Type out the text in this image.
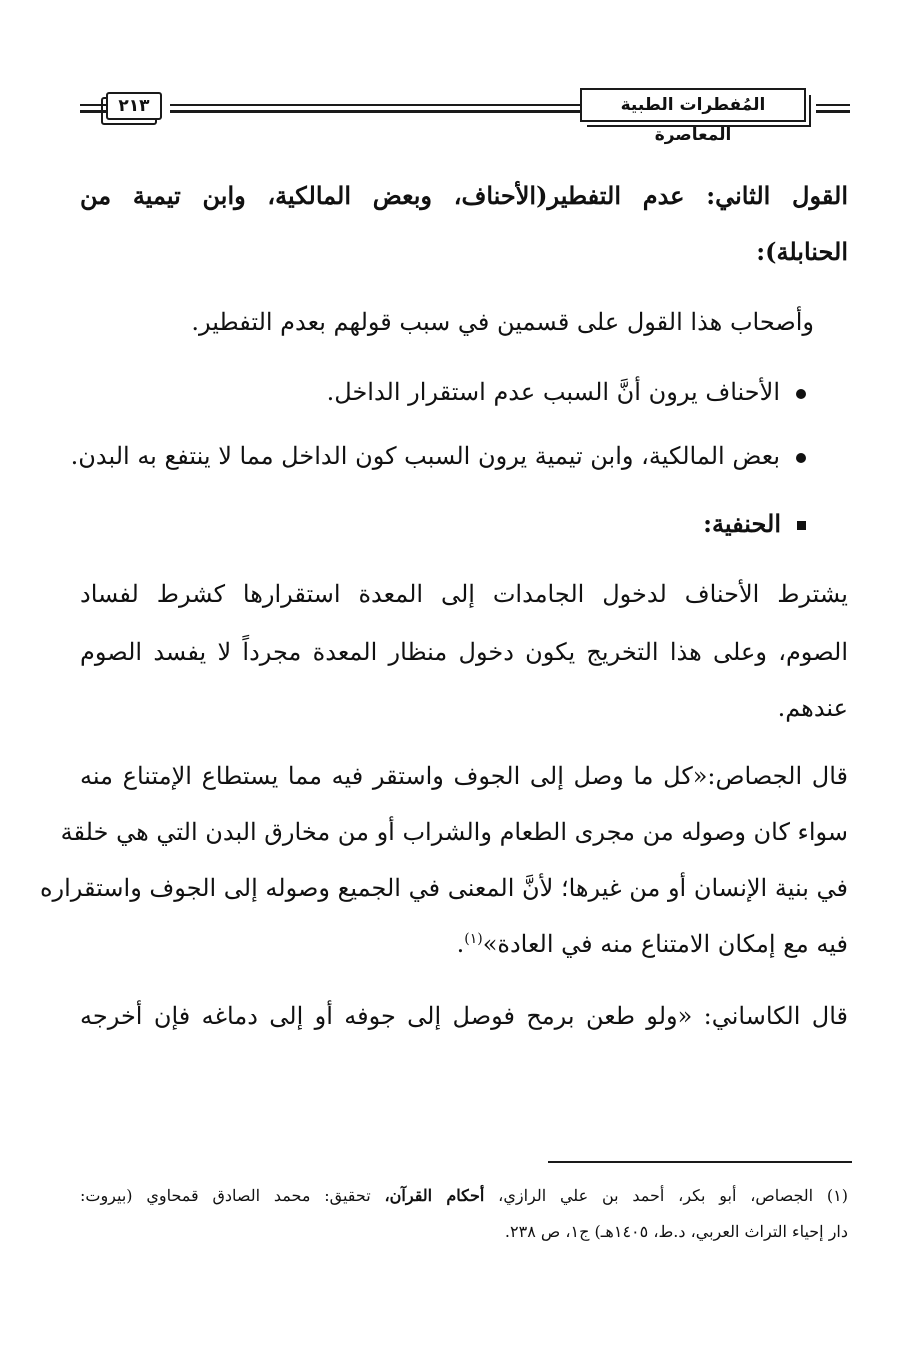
٢١٣	المُفطرات الطبية المعاصرة
القول الثاني: عدم التفطير(الأحناف، وبعض المالكية، وابن تيمية من
الحنابلة):
وأصحاب هذا القول على قسمين في سبب قولهم بعدم التفطير.
الأحناف يرون أنَّ السبب عدم استقرار الداخل.
بعض المالكية، وابن تيمية يرون السبب كون الداخل مما لا ينتفع به البدن.
الحنفية:
يشترط الأحناف لدخول الجامدات إلى المعدة استقرارها كشرط لفساد
الصوم، وعلى هذا التخريج يكون دخول منظار المعدة مجرداً لا يفسد الصوم
عندهم.
قال الجصاص:«كل ما وصل إلى الجوف واستقر فيه مما يستطاع الإمتناع منه
سواء كان وصوله من مجرى الطعام والشراب أو من مخارق البدن التي هي خلقة
في بنية الإنسان أو من غيرها؛ لأنَّ المعنى في الجميع وصوله إلى الجوف واستقراره
فيه مع إمكان الامتناع منه في العادة»$^{(١)}$.
قال الكاساني: «ولو طعن برمح فوصل إلى جوفه أو إلى دماغه فإن أخرجه
(١) الجصاص، أبو بكر، أحمد بن علي الرازي، أحكام القرآن، تحقيق: محمد الصادق قمحاوي (بيروت:
دار إحياء التراث العربي، د.ط، ١٤٠٥هـ) ج١، ص ٢٣٨.
